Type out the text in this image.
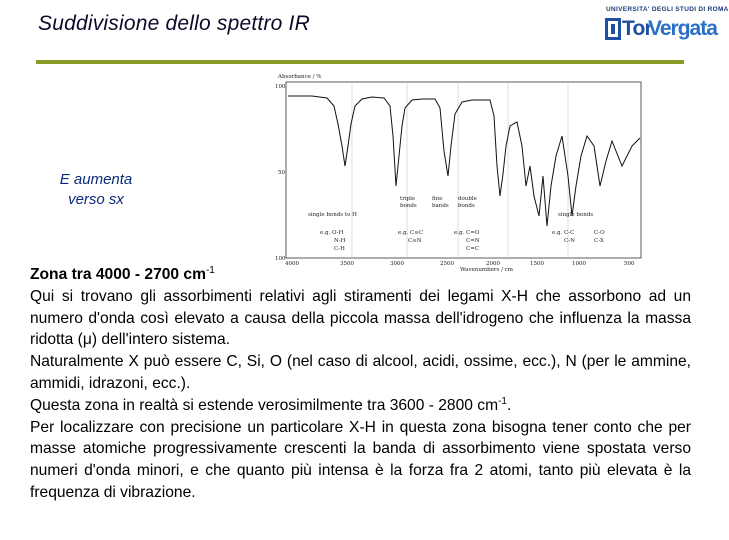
Suddivisione dello spettro IR
UNIVERSITA' DEGLI STUDI DI ROMA
Tor
Vergata
Absorbance / %
100
50
100
single bonds to H
triple
bonds
fine
bands
double
bonds
single bonds
e.g. O-H
N-H
C-H
e.g. C≡C
C≡N
e.g. C=O
C=N
C=C
e.g. C-C
C-N
C-O
C-X
4000	3500	3000	2500	2000	1500	1000	500
Wavenumbers / cm
E aumenta
verso sx

Zona tra 4000 - 2700 $cm^{-1}$

Qui si trovano gli assorbimenti relativi agli stiramenti dei legami X-H che assorbono ad un numero d'onda così elevato a causa della piccola massa dell'idrogeno che influenza la massa ridotta (μ) dell'intero sistema.

Naturalmente X può essere C, Si, O (nel caso di alcool, acidi, ossime, ecc.), N (per le ammine, ammidi, idrazoni, ecc.).

Questa zona in realtà si estende verosimilmente tra 3600 - 2800 $cm^{-1}$.

Per localizzare con precisione un particolare X-H in questa zona bisogna tener conto che per masse atomiche progressivamente crescenti la banda di assorbimento viene spostata verso numeri d'onda minori, e che quanto più intensa è la forza fra 2 atomi, tanto più elevata è la frequenza di vibrazione.
